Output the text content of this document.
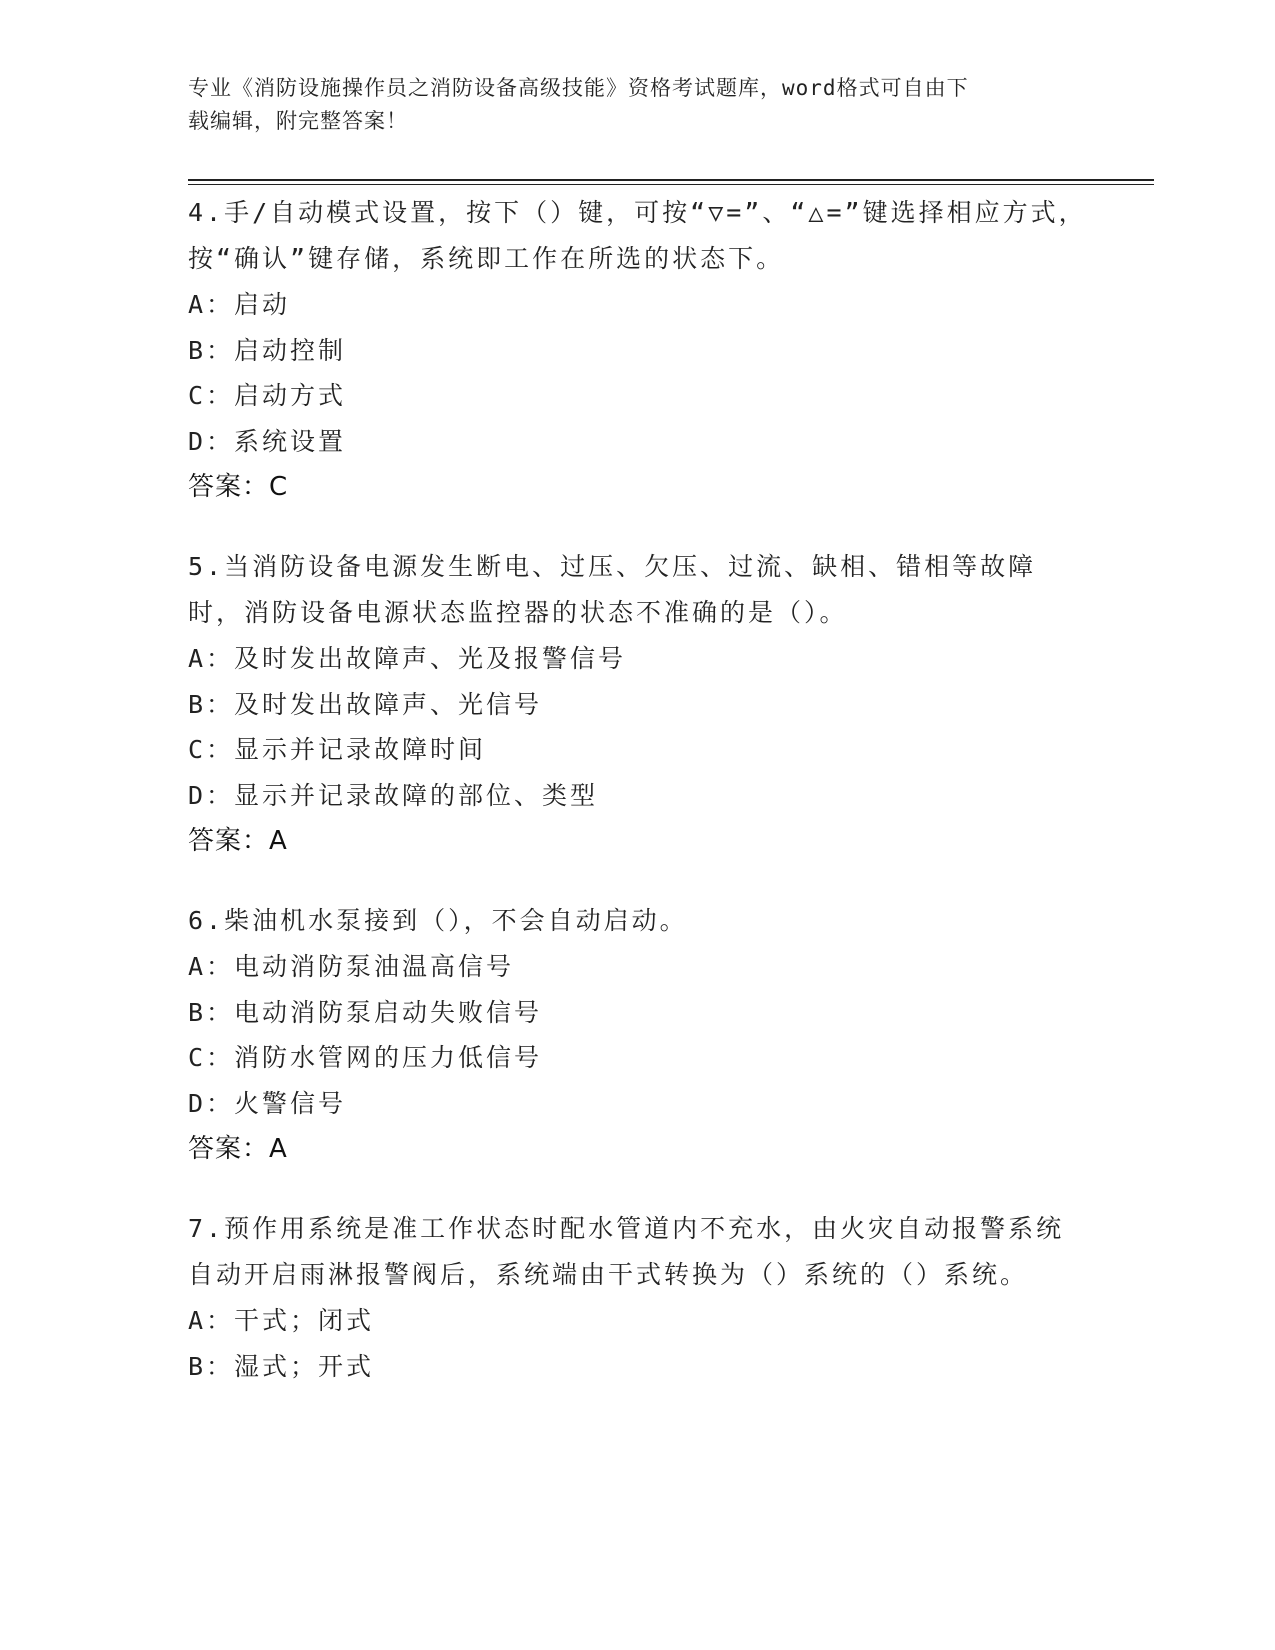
专业《消防设施操作员之消防设备高级技能》资格考试题库，word格式可自由下
载编辑，附完整答案！
4.手/自动模式设置，按下（）键，可按“▽=”、“△=”键选择相应方式，按“确认”键存储，系统即工作在所选的状态下。
A：启动
B：启动控制
C：启动方式
D：系统设置
答案：C
5.当消防设备电源发生断电、过压、欠压、过流、缺相、错相等故障时，消防设备电源状态监控器的状态不准确的是（）。
A：及时发出故障声、光及报警信号
B：及时发出故障声、光信号
C：显示并记录故障时间
D：显示并记录故障的部位、类型
答案：A
6.柴油机水泵接到（），不会自动启动。
A：电动消防泵油温高信号
B：电动消防泵启动失败信号
C：消防水管网的压力低信号
D：火警信号
答案：A
7.预作用系统是准工作状态时配水管道内不充水，由火灾自动报警系统自动开启雨淋报警阀后，系统端由干式转换为（）系统的（）系统。
A：干式；闭式
B：湿式；开式
